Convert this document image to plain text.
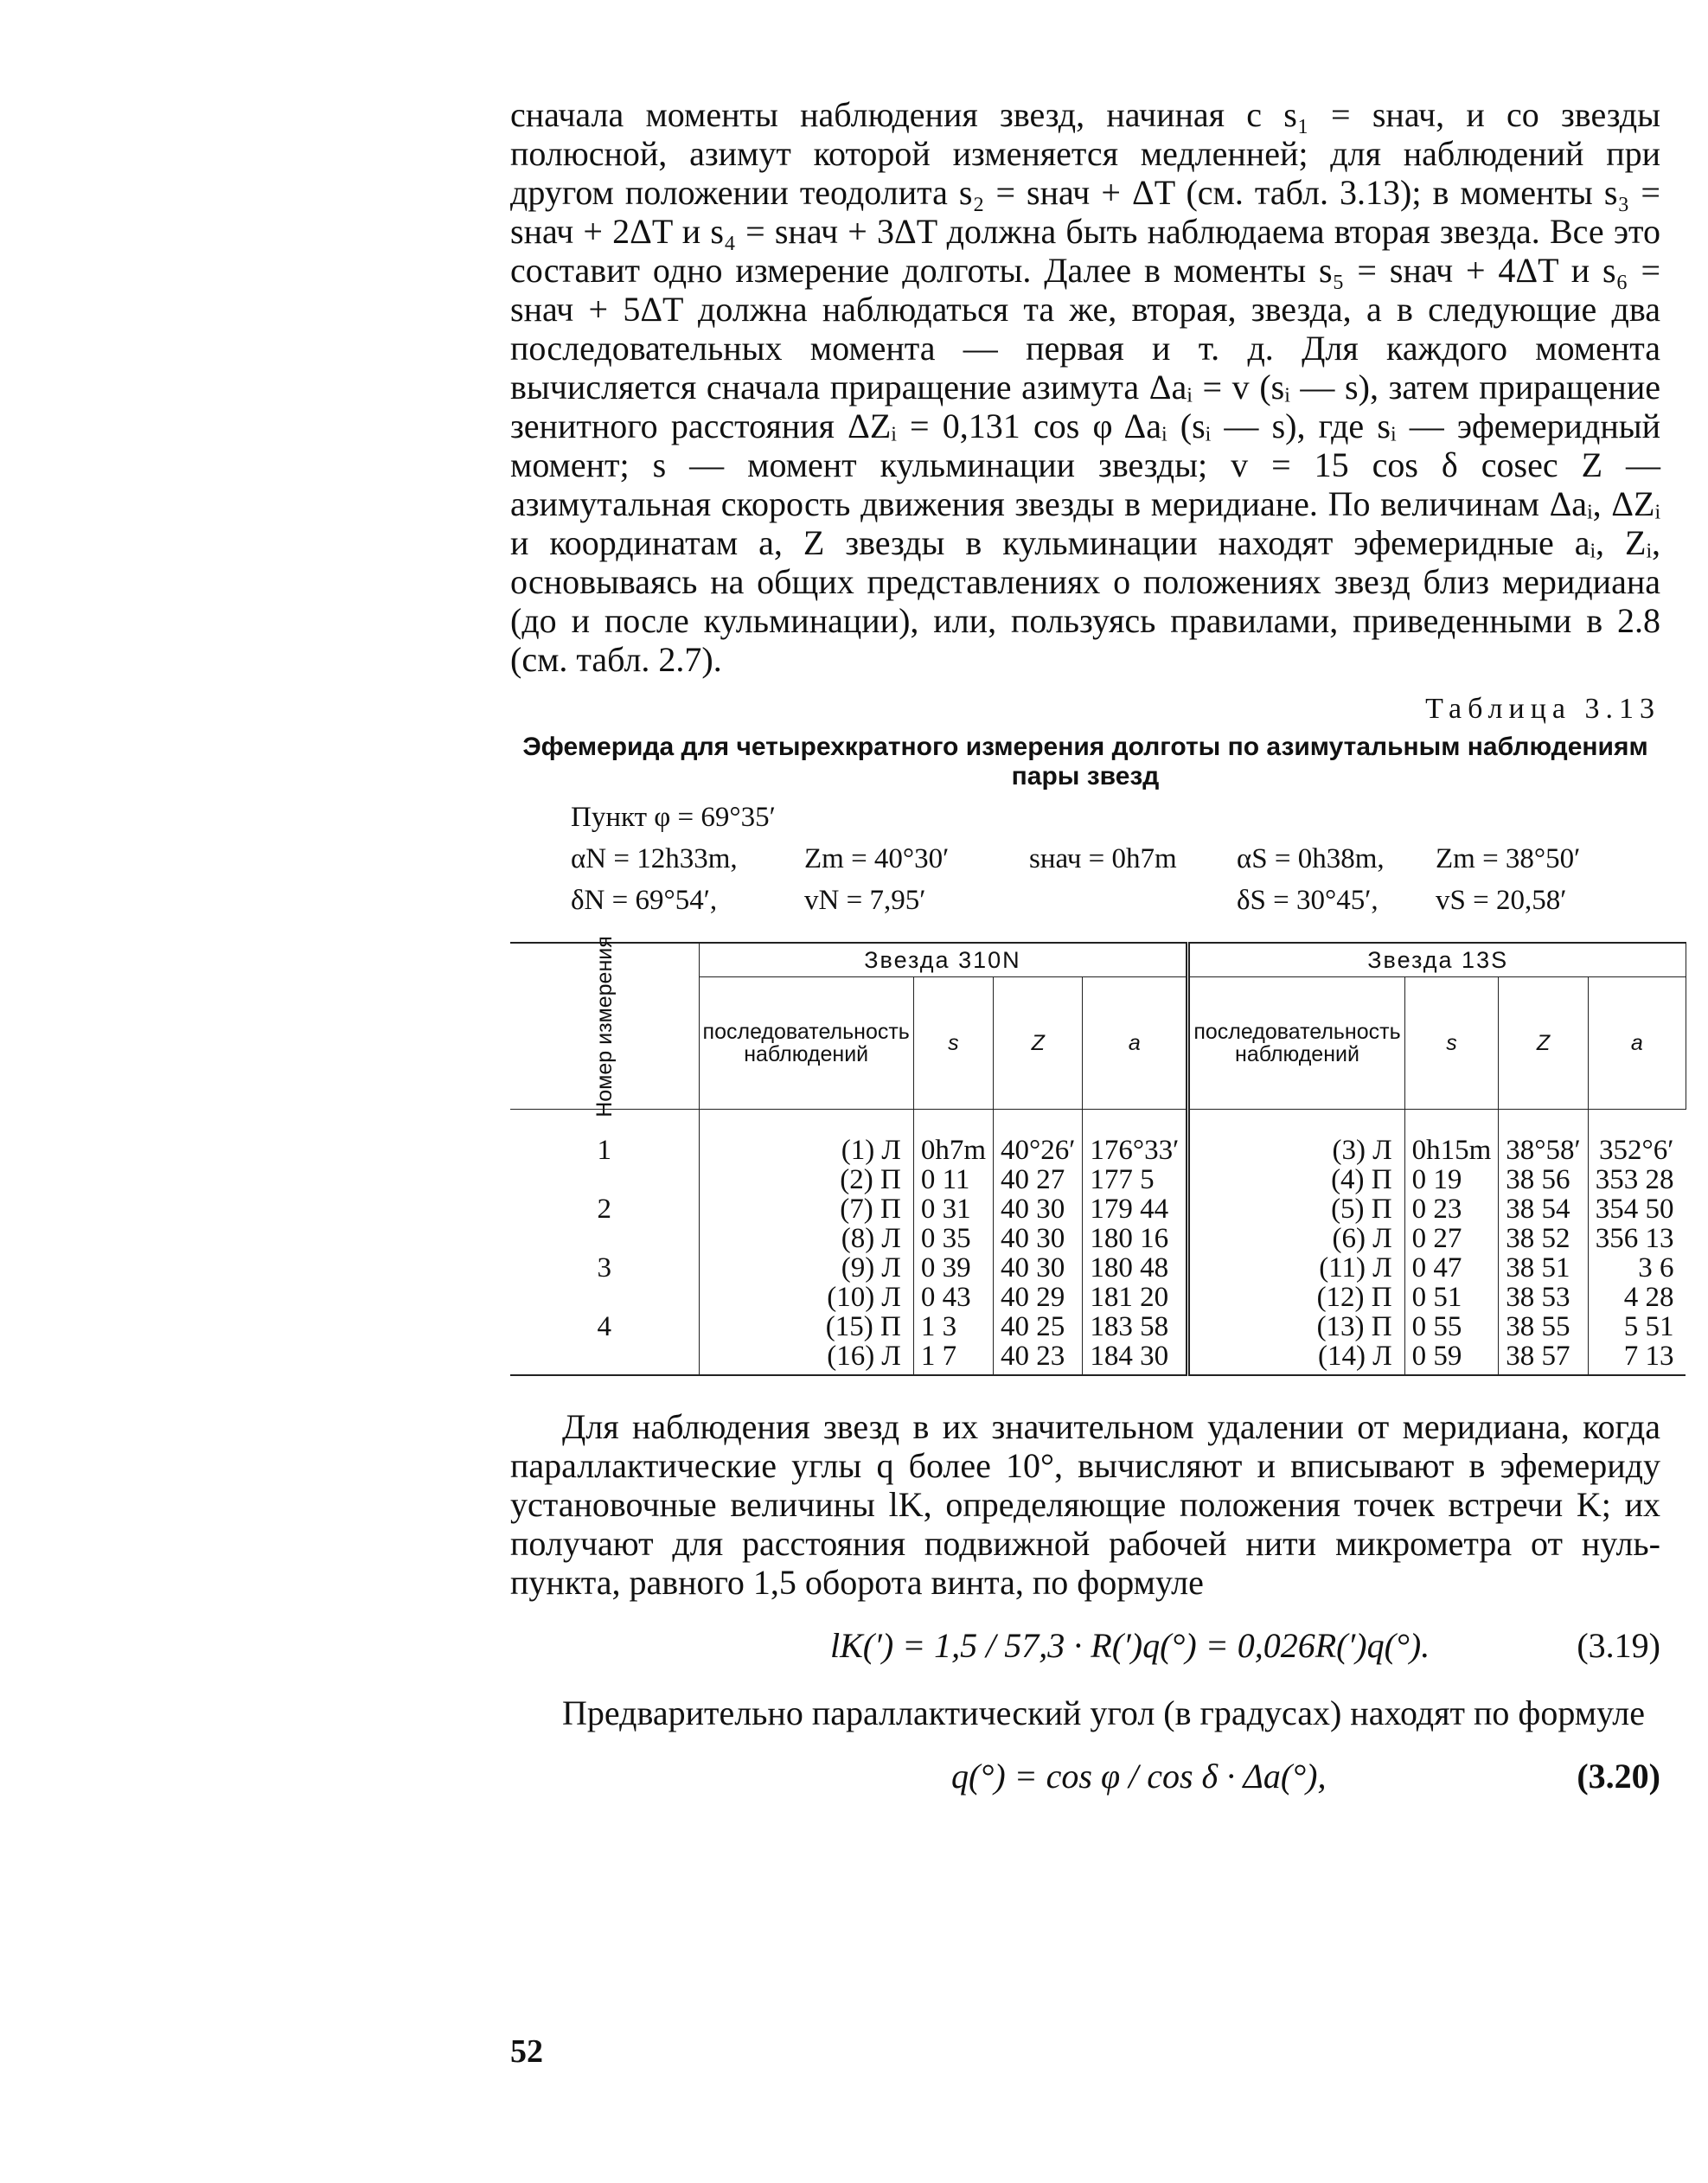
сначала моменты наблюдения звезд, начиная с s₁ = sнач, и со звезды полюсной, азимут которой изменяется медленней; для наблюдений при другом положении теодолита s₂ = sнач + ΔT (см. табл. 3.13); в моменты s₃ = sнач + 2ΔT и s₄ = sнач + 3ΔT должна быть наблюдаема вторая звезда. Все это составит одно измерение долготы. Далее в моменты s₅ = sнач + 4ΔT и s₆ = sнач + 5ΔT должна наблюдаться та же, вторая, звезда, а в следующие два последовательных момента — первая и т. д. Для каждого момента вычисляется сначала приращение азимута Δaᵢ = v (sᵢ — s), затем приращение зенитного расстояния ΔZᵢ = 0,131 cos φ Δaᵢ (sᵢ — s), где sᵢ — эфемеридный момент; s — момент кульминации звезды; v = 15 cos δ cosec Z — азимутальная скорость движения звезды в меридиане. По величинам Δaᵢ, ΔZᵢ и координатам a, Z звезды в кульминации находят эфемеридные aᵢ, Zᵢ, основываясь на общих представлениях о положениях звезд близ меридиана (до и после кульминации), или, пользуясь правилами, приведенными в 2.8 (см. табл. 2.7).

Таблица 3.13
Эфемерида для четырехкратного измерения долготы по азимутальным наблюдениям пары звезд
Пункт φ = 69°35′
αN = 12h33m,	Zm = 40°30′	sнач = 0h7m	αS = 0h38m,	Zm = 38°50′
δN = 69°54′,	vN = 7,95′	δS = 30°45′,	vS = 20,58′
Номер измерения	Звезда 310N				Звезда 13S			
	последовательность наблюдений	s	Z	a	последовательность наблюдений	s	Z	a
1	(1) Л	0h7m	40°26′	176°33′	(3) Л	0h15m	38°58′	352°6′
	(2) П	0 11	40 27	177 5	(4) П	0 19	38 56	353 28
2	(7) П	0 31	40 30	179 44	(5) П	0 23	38 54	354 50
	(8) Л	0 35	40 30	180 16	(6) Л	0 27	38 52	356 13
3	(9) Л	0 39	40 30	180 48	(11) Л	0 47	38 51	3 6
	(10) Л	0 43	40 29	181 20	(12) П	0 51	38 53	4 28
4	(15) П	1 3	40 25	183 58	(13) П	0 55	38 55	5 51
	(16) Л	1 7	40 23	184 30	(14) Л	0 59	38 57	7 13

Для наблюдения звезд в их значительном удалении от меридиана, когда параллактические углы q более 10°, вычисляют и вписывают в эфемериду установочные величины lK, определяющие положения точек встречи K; их получают для расстояния подвижной рабочей нити микрометра от нуль-пункта, равного 1,5 оборота винта, по формуле

lK(′) = 1,5 / 57,3 · R(′)q(°) = 0,026R(′)q(°).	(3.19)

Предварительно параллактический угол (в градусах) находят по формуле

q(°) = cos φ / cos δ · Δa(°),	(3.20)
52
